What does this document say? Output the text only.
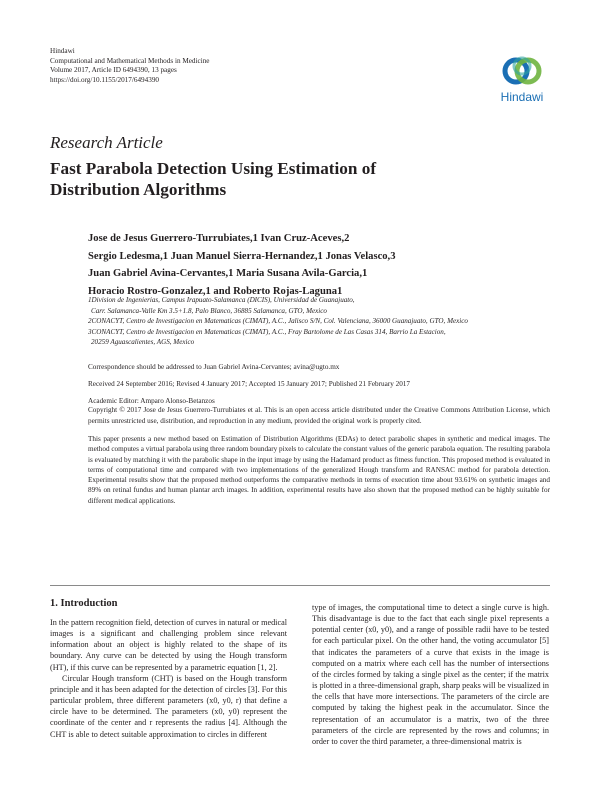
Hindawi
Computational and Mathematical Methods in Medicine
Volume 2017, Article ID 6494390, 13 pages
https://doi.org/10.1155/2017/6494390
Hindawi
Research Article
Fast Parabola Detection Using Estimation of Distribution Algorithms
Jose de Jesus Guerrero-Turrubiates,1 Ivan Cruz-Aceves,2
Sergio Ledesma,1 Juan Manuel Sierra-Hernandez,1 Jonas Velasco,3
Juan Gabriel Avina-Cervantes,1 Maria Susana Avila-Garcia,1
Horacio Rostro-Gonzalez,1 and Roberto Rojas-Laguna1
1Division de Ingenierias, Campus Irapuato-Salamanca (DICIS), Universidad de Guanajuato,
Carr. Salamanca-Valle Km 3.5+1.8, Palo Blanco, 36885 Salamanca, GTO, Mexico
2CONACYT, Centro de Investigacion en Matematicas (CIMAT), A.C., Jalisco S/N, Col. Valenciana, 36000 Guanajuato, GTO, Mexico
3CONACYT, Centro de Investigacion en Matematicas (CIMAT), A.C., Fray Bartolome de Las Casas 314, Barrio La Estacion,
20259 Aguascalientes, AGS, Mexico
Correspondence should be addressed to Juan Gabriel Avina-Cervantes; avina@ugto.mx
Received 24 September 2016; Revised 4 January 2017; Accepted 15 January 2017; Published 21 February 2017
Academic Editor: Amparo Alonso-Betanzos
Copyright © 2017 Jose de Jesus Guerrero-Turrubiates et al. This is an open access article distributed under the Creative Commons Attribution License, which permits unrestricted use, distribution, and reproduction in any medium, provided the original work is properly cited.
This paper presents a new method based on Estimation of Distribution Algorithms (EDAs) to detect parabolic shapes in synthetic and medical images. The method computes a virtual parabola using three random boundary pixels to calculate the constant values of the generic parabola equation. The resulting parabola is evaluated by matching it with the parabolic shape in the input image by using the Hadamard product as fitness function. This proposed method is evaluated in terms of computational time and compared with two implementations of the generalized Hough transform and RANSAC method for parabola detection. Experimental results show that the proposed method outperforms the comparative methods in terms of execution time about 93.61% on synthetic images and 89% on retinal fundus and human plantar arch images. In addition, experimental results have also shown that the proposed method can be highly suitable for different medical applications.
1. Introduction

In the pattern recognition field, detection of curves in natural or medical images is a significant and challenging problem since relevant information about an object is highly related to the shape of its boundary. Any curve can be detected by using the Hough transform (HT), if this curve can be represented by a parametric equation [1, 2].

Circular Hough transform (CHT) is based on the Hough transform principle and it has been adapted for the detection of circles [3]. For this particular problem, three different parameters (x0, y0, r) that define a circle have to be determined. The parameters (x0, y0) represent the coordinate of the center and r represents the radius [4]. Although the CHT is able to detect suitable approximation to circles in different

type of images, the computational time to detect a single curve is high. This disadvantage is due to the fact that each single pixel represents a potential center (x0, y0), and a range of possible radii have to be tested for each particular pixel. On the other hand, the voting accumulator [5] that indicates the parameters of a curve that exists in the image is computed on a matrix where each cell has the number of intersections of the circles formed by taking a single pixel as the center; if the matrix is plotted in a three-dimensional graph, sharp peaks will be visualized in the cells that have more intersections. The parameters of the circle are computed by taking the highest peak in the accumulator. Since the representation of an accumulator is a matrix, two of the three parameters of the circle are represented by the rows and columns; in order to cover the third parameter, a three-dimensional matrix is
